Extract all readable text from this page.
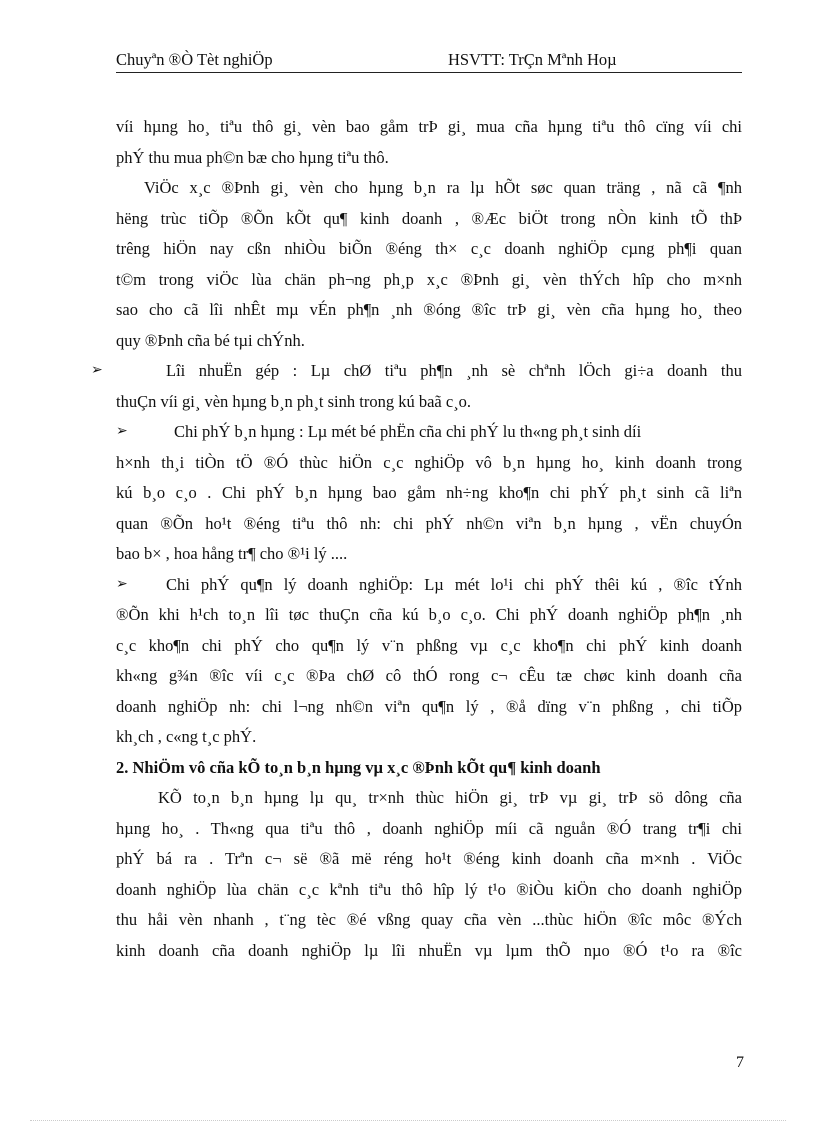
Chuyªn ®Ò Tèt nghiÖp	HSVTT: TrÇn Mªnh Hoµ
víi hµng ho¸ tiªu thô gi¸ vèn bao gåm trÞ gi¸ mua cña hµng tiªu thô cïng víi chi
phÝ thu mua ph©n bæ cho hµng tiªu thô.
ViÖc x¸c ®Þnh gi¸ vèn cho hµng b¸n ra lµ hÕt søc quan träng , nã cã ¶nh
hëng trùc tiÕp ®Õn kÕt qu¶ kinh doanh , ®Æc biÖt trong nÒn kinh tÕ thÞ
trêng hiÖn nay cßn nhiÒu biÕn ®éng th× c¸c doanh nghiÖp cµng ph¶i quan
t©m trong viÖc lùa chän ph¬ng ph¸p x¸c ®Þnh gi¸ vèn thÝch hîp cho m×nh
sao cho cã lîi nhÊt mµ vÉn ph¶n ¸nh ®óng ®îc trÞ gi¸ vèn cña hµng ho¸ theo
quy ®Þnh cña bé tµi chÝnh.
➢	Lîi nhuËn gép : Lµ chØ tiªu ph¶n ¸nh sè chªnh lÖch gi÷a doanh thu
thuÇn víi gi¸ vèn hµng b¸n ph¸t sinh trong kú baã c¸o.
➢	Chi phÝ b¸n hµng : Lµ mét bé phËn cña chi phÝ lu th«ng ph¸t sinh díi
h×nh th¸i tiÒn tÖ ®Ó thùc hiÖn c¸c nghiÖp vô b¸n hµng ho¸ kinh doanh trong
kú b¸o c¸o . Chi phÝ b¸n hµng bao gåm nh÷ng kho¶n chi phÝ ph¸t sinh cã liªn
quan ®Õn ho¹t ®éng tiªu thô nh: chi phÝ nh©n viªn b¸n hµng , vËn chuyÓn
bao b× , hoa hång tr¶ cho ®¹i lý ....
➢	Chi phÝ qu¶n lý doanh nghiÖp: Lµ mét lo¹i chi phÝ thêi kú , ®îc tÝnh
®Õn khi h¹ch to¸n lîi tøc thuÇn cña kú b¸o c¸o. Chi phÝ doanh nghiÖp ph¶n ¸nh
c¸c kho¶n chi phÝ cho qu¶n lý v¨n phßng vµ c¸c kho¶n chi phÝ kinh doanh
kh«ng g¾n ®îc víi c¸c ®Þa chØ cô thÓ rong c¬ cÊu tæ chøc kinh doanh cña
doanh nghiÖp nh: chi l¬ng nh©n viªn qu¶n lý , ®å dïng v¨n phßng , chi tiÕp
kh¸ch , c«ng t¸c phÝ.
2. NhiÖm vô cña kÕ to¸n b¸n hµng vµ x¸c ®Þnh kÕt qu¶ kinh doanh
KÕ to¸n b¸n hµng lµ qu¸ tr×nh thùc hiÖn gi¸ trÞ vµ gi¸ trÞ sö dông cña
hµng ho¸ . Th«ng qua tiªu thô , doanh nghiÖp míi cã nguån ®Ó trang tr¶i chi
phÝ bá ra . Trªn c¬ së ®ã më réng ho¹t ®éng kinh doanh cña m×nh . ViÖc
doanh nghiÖp lùa chän c¸c kªnh tiªu thô hîp lý t¹o ®iÒu kiÖn cho doanh nghiÖp
thu håi vèn nhanh , t¨ng tèc ®é vßng quay cña vèn ...thùc hiÖn ®îc môc ®Ých
kinh doanh cña doanh nghiÖp lµ lîi nhuËn vµ lµm thÕ nµo ®Ó t¹o ra ®îc
7
